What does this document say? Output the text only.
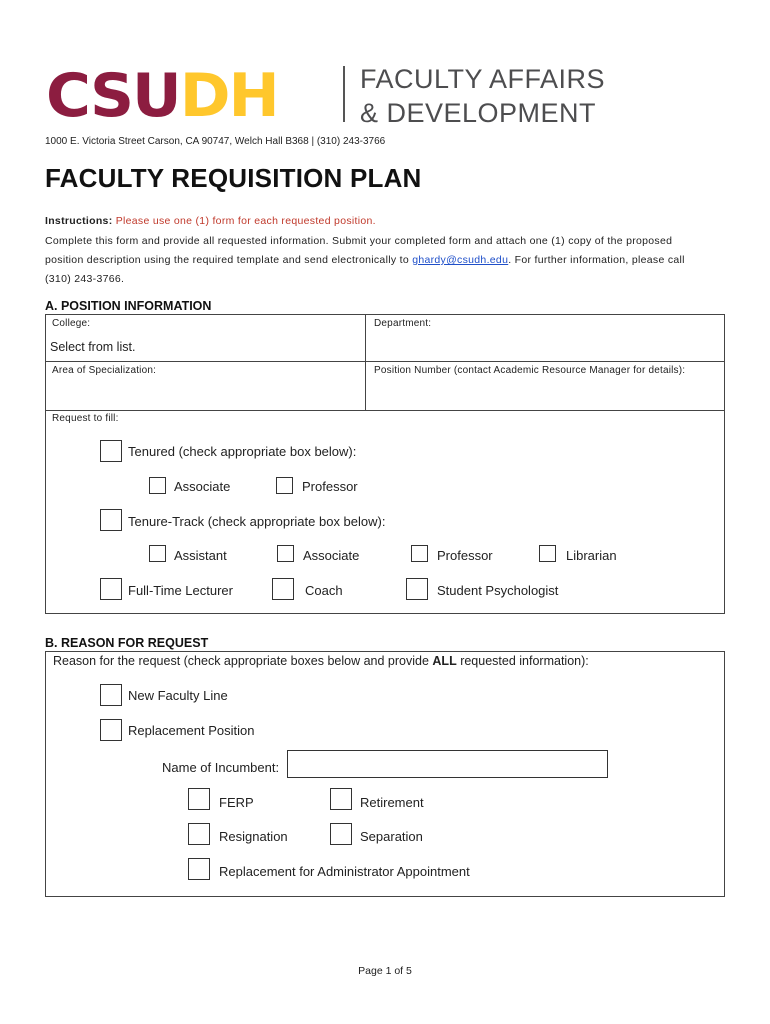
CSUDH	FACULTY AFFAIRS
& DEVELOPMENT
1000 E. Victoria Street Carson, CA 90747, Welch Hall B368 | (310) 243-3766
FACULTY REQUISITION PLAN
Instructions: Please use one (1) form for each requested position.
Complete this form and provide all requested information. Submit your completed form and attach one (1) copy of the proposed
position description using the required template and send electronically to ghardy@csudh.edu. For further information, please call
(310) 243-3766.
A. POSITION INFORMATION
College:
Select from list.
Department:
Area of Specialization:	Position Number (contact Academic Resource Manager for details):
Request to fill:
Tenured (check appropriate box below):
Associate	Professor
Tenure-Track (check appropriate box below):
Assistant	Associate	Professor	Librarian
Full-Time Lecturer	Coach	Student Psychologist
B. REASON FOR REQUEST
Reason for the request (check appropriate boxes below and provide ALL requested information):
New Faculty Line
Replacement Position
Name of Incumbent:
FERP	Retirement
Resignation	Separation
Replacement for Administrator Appointment
Page 1 of 5
